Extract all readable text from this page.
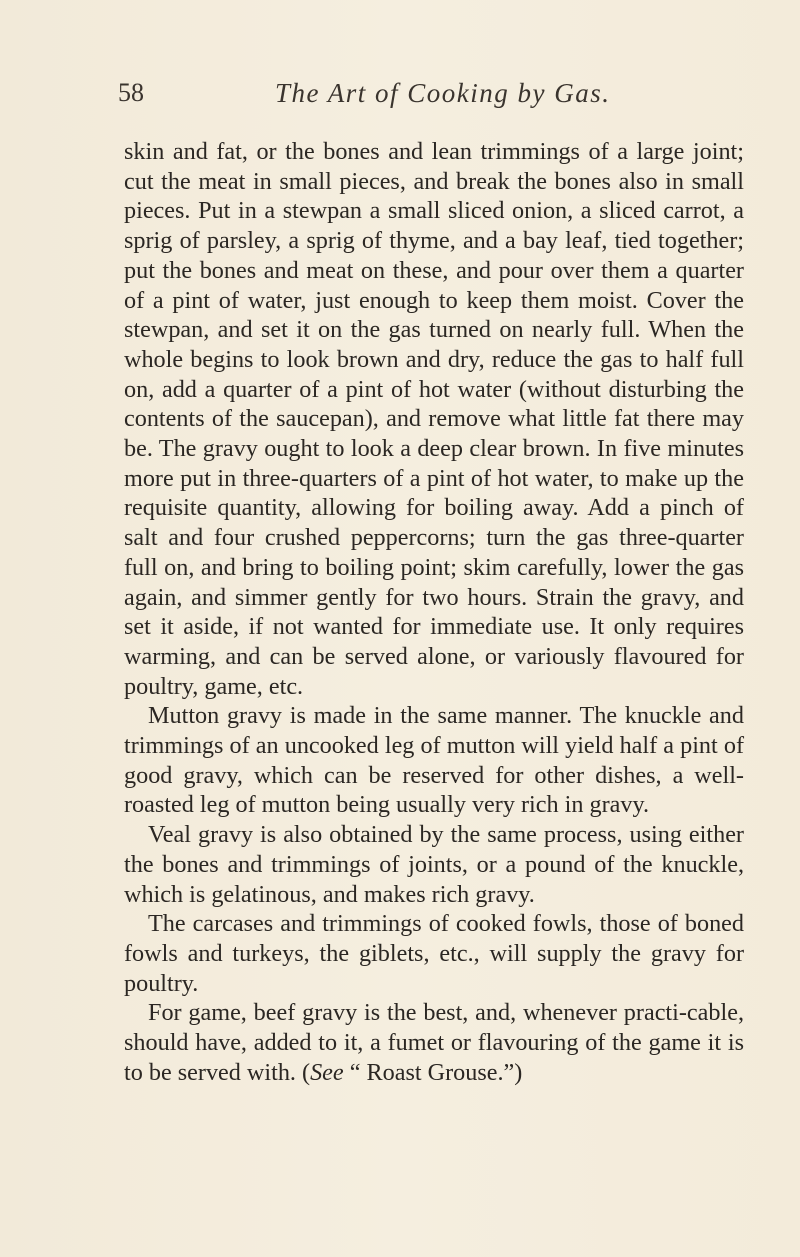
58	The Art of Cooking by Gas.

skin and fat, or the bones and lean trimmings of a large joint; cut the meat in small pieces, and break the bones also in small pieces. Put in a stewpan a small sliced onion, a sliced carrot, a sprig of parsley, a sprig of thyme, and a bay leaf, tied together; put the bones and meat on these, and pour over them a quarter of a pint of water, just enough to keep them moist. Cover the stewpan, and set it on the gas turned on nearly full. When the whole begins to look brown and dry, reduce the gas to half full on, add a quarter of a pint of hot water (without disturbing the contents of the saucepan), and remove what little fat there may be. The gravy ought to look a deep clear brown. In five minutes more put in three-quarters of a pint of hot water, to make up the requisite quantity, allowing for boiling away. Add a pinch of salt and four crushed peppercorns; turn the gas three-quarter full on, and bring to boiling point; skim carefully, lower the gas again, and simmer gently for two hours. Strain the gravy, and set it aside, if not wanted for immediate use. It only requires warming, and can be served alone, or variously flavoured for poultry, game, etc.

Mutton gravy is made in the same manner. The knuckle and trimmings of an uncooked leg of mutton will yield half a pint of good gravy, which can be reserved for other dishes, a well-roasted leg of mutton being usually very rich in gravy.

Veal gravy is also obtained by the same process, using either the bones and trimmings of joints, or a pound of the knuckle, which is gelatinous, and makes rich gravy.

The carcases and trimmings of cooked fowls, those of boned fowls and turkeys, the giblets, etc., will supply the gravy for poultry.

For game, beef gravy is the best, and, whenever practi-cable, should have, added to it, a fumet or flavouring of the game it is to be served with. (See “ Roast Grouse.”)
